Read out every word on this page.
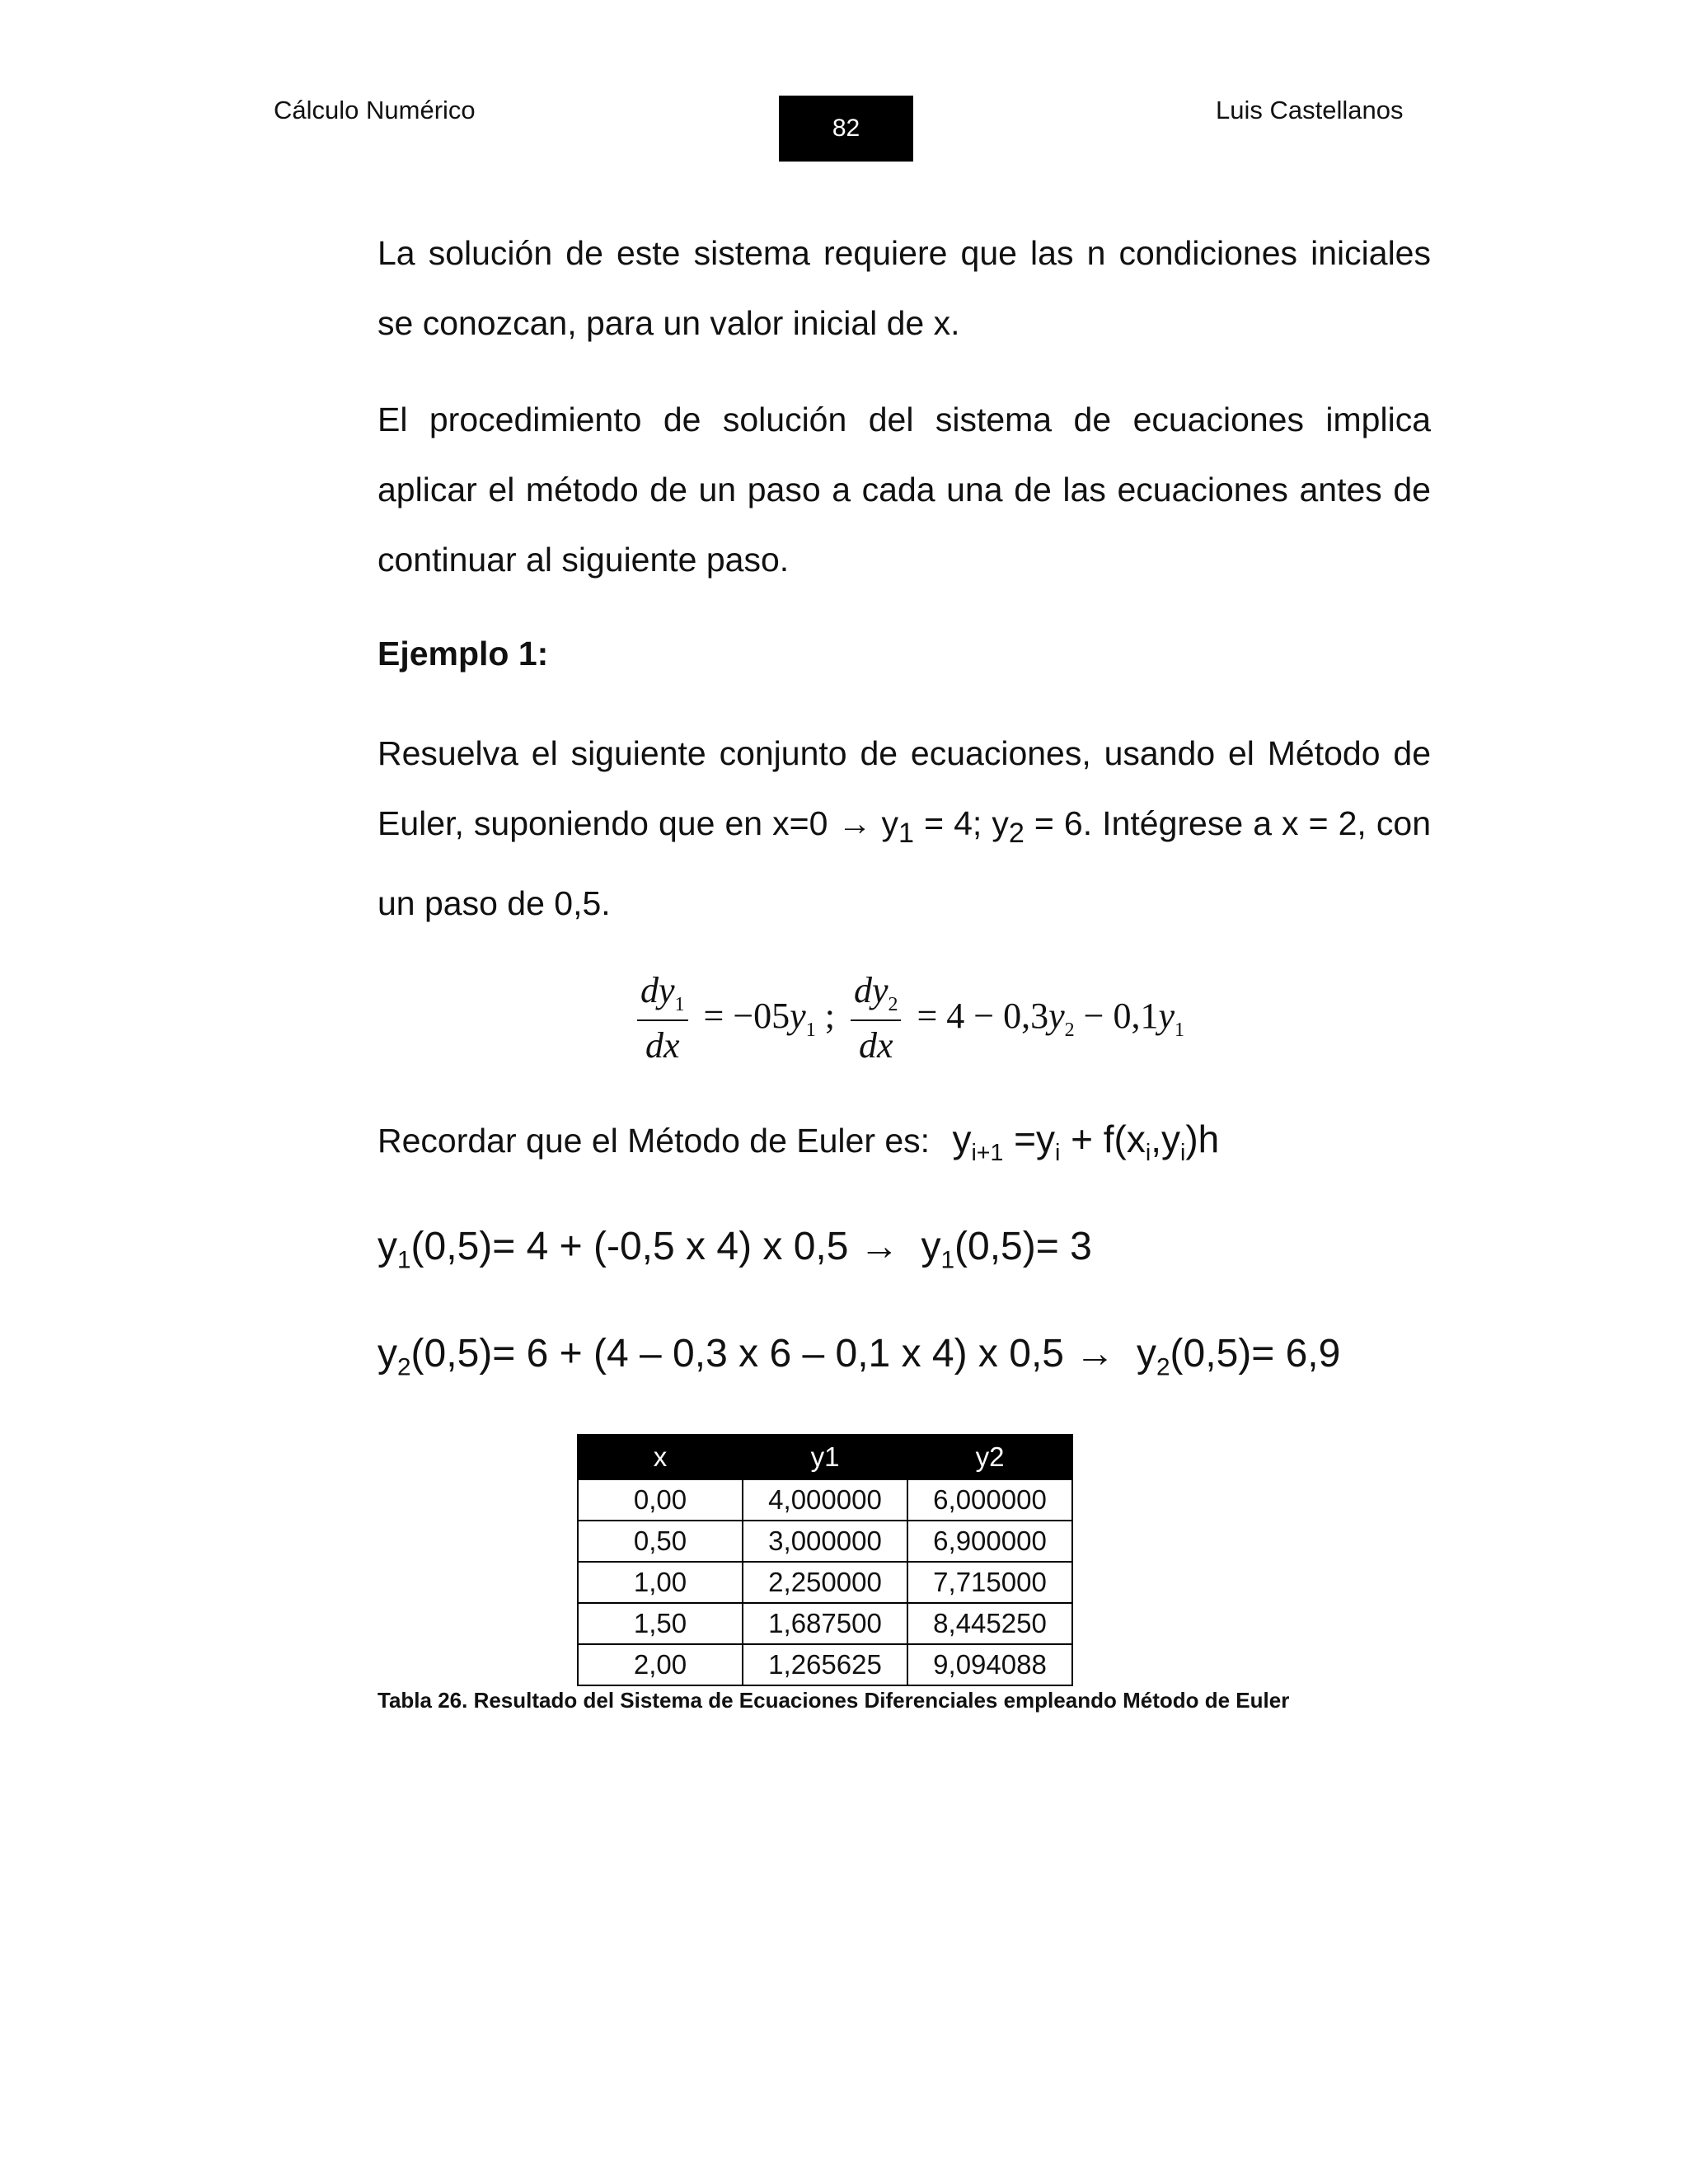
Cálculo Numérico
82
Luis Castellanos
La solución de este sistema requiere que las n condiciones iniciales
se conozcan, para un valor inicial de x.
El procedimiento de solución del sistema de ecuaciones implica
aplicar el método de un paso a cada una de las ecuaciones antes de
continuar al siguiente paso.
Ejemplo 1:
Resuelva el siguiente conjunto de ecuaciones, usando el Método de
Euler, suponiendo que en $x=0 \to y_1 = 4$; $y_2 = 6$. Intégrese a x = 2, con
un paso de 0,5.
$\frac{dy_1}{dx} = -05y_1$ ; $\frac{dy_2}{dx} = 4 - 0,3y_2 - 0,1y_1$
Recordar que el Método de Euler es: $y_{i+1} =y_i + f(x_i,y_i)h$
$y_1(0,5)= 4 + (-0,5$ x 4) x $0,5 \to y_1(0,5)= 3$
$y_2(0,5)= 6 + (4 - 0,3$ x 6 – 0,1 x 4) x $0,5 \to y_2(0,5)= 6,9$
x	y1	y2
0,00	4,000000	6,000000
0,50	3,000000	6,900000
1,00	2,250000	7,715000
1,50	1,687500	8,445250
2,00	1,265625	9,094088
Tabla 26. Resultado del Sistema de Ecuaciones Diferenciales empleando Método de Euler
